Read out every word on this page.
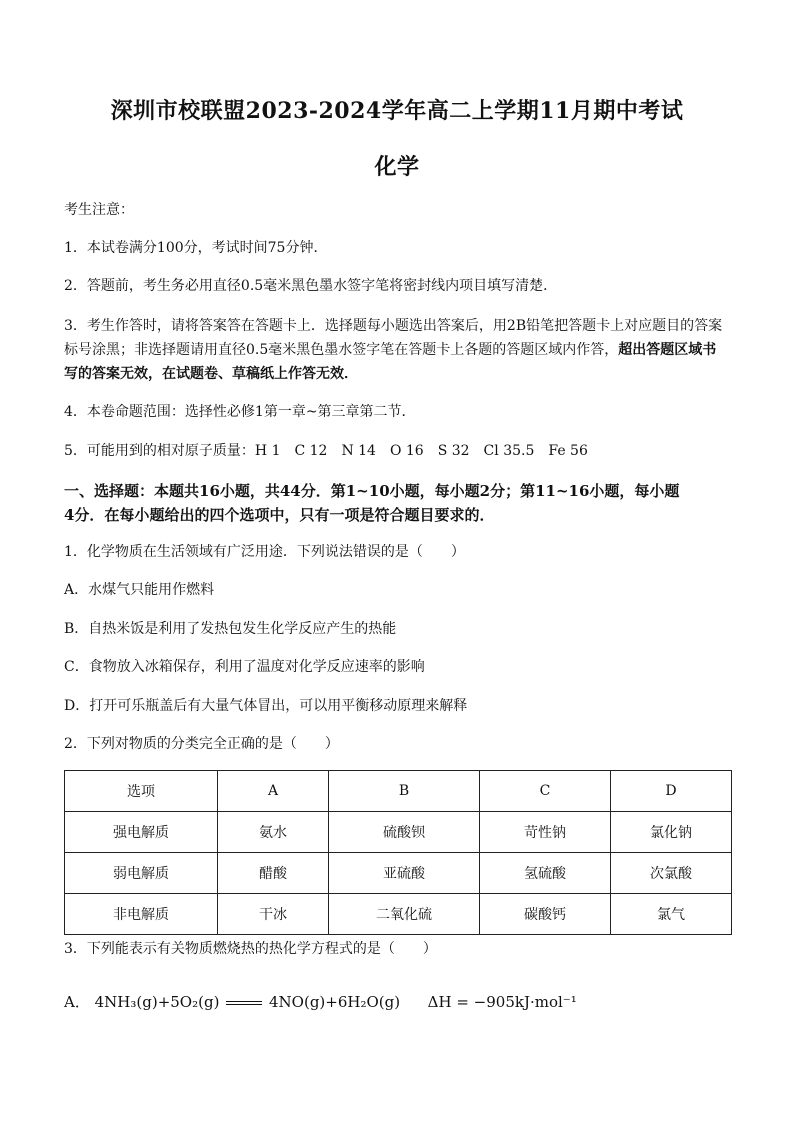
深圳市校联盟2023-2024学年高二上学期11月期中考试
化学
考生注意：
1．本试卷满分100分，考试时间75分钟．
2．答题前，考生务必用直径0.5毫米黑色墨水签字笔将密封线内项目填写清楚．
3．考生作答时，请将答案答在答题卡上．选择题每小题选出答案后，用2B铅笔把答题卡上对应题目的答案
标号涂黑；非选择题请用直径0.5毫米黑色墨水签字笔在答题卡上各题的答题区域内作答，超出答题区域书
写的答案无效，在试题卷、草稿纸上作答无效．
4．本卷命题范围：选择性必修1第一章~第三章第二节．
5．可能用到的相对原子质量：H 1　C 12　N 14　O 16　S 32　Cl 35.5　Fe 56
一、选择题：本题共16小题，共44分．第1~10小题，每小题2分；第11~16小题，每小题
4分．在每小题给出的四个选项中，只有一项是符合题目要求的．
1．化学物质在生活领域有广泛用途．下列说法错误的是（　　）
A．水煤气只能用作燃料
B．自热米饭是利用了发热包发生化学反应产生的热能
C．食物放入冰箱保存，利用了温度对化学反应速率的影响
D．打开可乐瓶盖后有大量气体冒出，可以用平衡移动原理来解释
2．下列对物质的分类完全正确的是（　　）
选项	A	B	C	D
强电解质	氨水	硫酸钡	苛性钠	氯化钠
弱电解质	醋酸	亚硫酸	氢硫酸	次氯酸
非电解质	干冰	二氧化硫	碳酸钙	氯气
3．下列能表示有关物质燃烧热的热化学方程式的是（　　）
A． 4NH₃(g)+5O₂(g)	4NO(g)+6H₂O(g) ΔH = −905kJ·mol⁻¹
